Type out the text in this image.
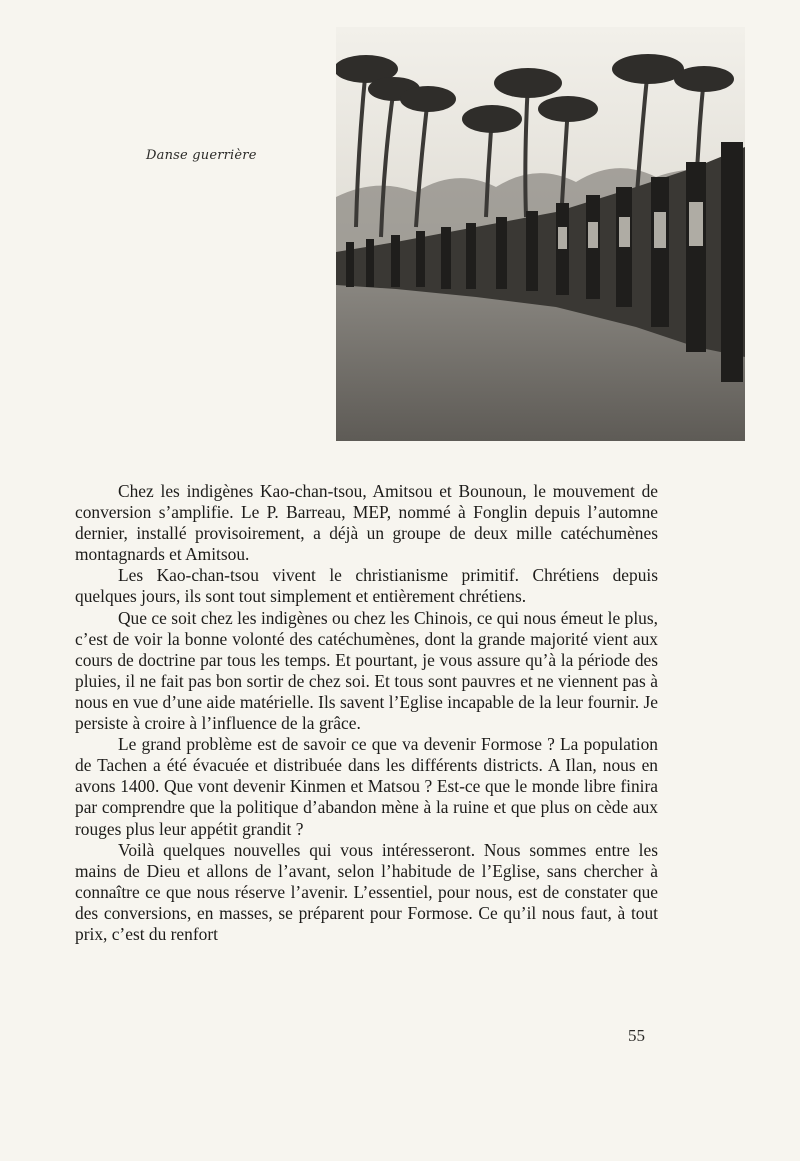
Danse guerrière

Chez les indigènes Kao-chan-tsou, Amitsou et Bounoun, le mouvement de conversion s’amplifie. Le P. Barreau, MEP, nommé à Fonglin depuis l’automne dernier, installé provisoirement, a déjà un groupe de deux mille catéchumènes montagnards et Amitsou.

Les Kao-chan-tsou vivent le christianisme primitif. Chrétiens depuis quelques jours, ils sont tout simplement et entièrement chrétiens.

Que ce soit chez les indigènes ou chez les Chinois, ce qui nous émeut le plus, c’est de voir la bonne volonté des catéchumènes, dont la grande majorité vient aux cours de doctrine par tous les temps. Et pourtant, je vous assure qu’à la période des pluies, il ne fait pas bon sortir de chez soi. Et tous sont pauvres et ne viennent pas à nous en vue d’une aide matérielle. Ils savent l’Eglise incapable de la leur fournir. Je persiste à croire à l’influence de la grâce.

Le grand problème est de savoir ce que va devenir Formose ? La population de Tachen a été évacuée et distribuée dans les différents districts. A Ilan, nous en avons 1400. Que vont devenir Kinmen et Matsou ? Est-ce que le monde libre finira par comprendre que la politique d’abandon mène à la ruine et que plus on cède aux rouges plus leur appétit grandit ?

Voilà quelques nouvelles qui vous intéresseront. Nous sommes entre les mains de Dieu et allons de l’avant, selon l’habitude de l’Eglise, sans chercher à connaître ce que nous réserve l’avenir. L’essentiel, pour nous, est de constater que des conversions, en masses, se préparent pour Formose. Ce qu’il nous faut, à tout prix, c’est du renfort

55
